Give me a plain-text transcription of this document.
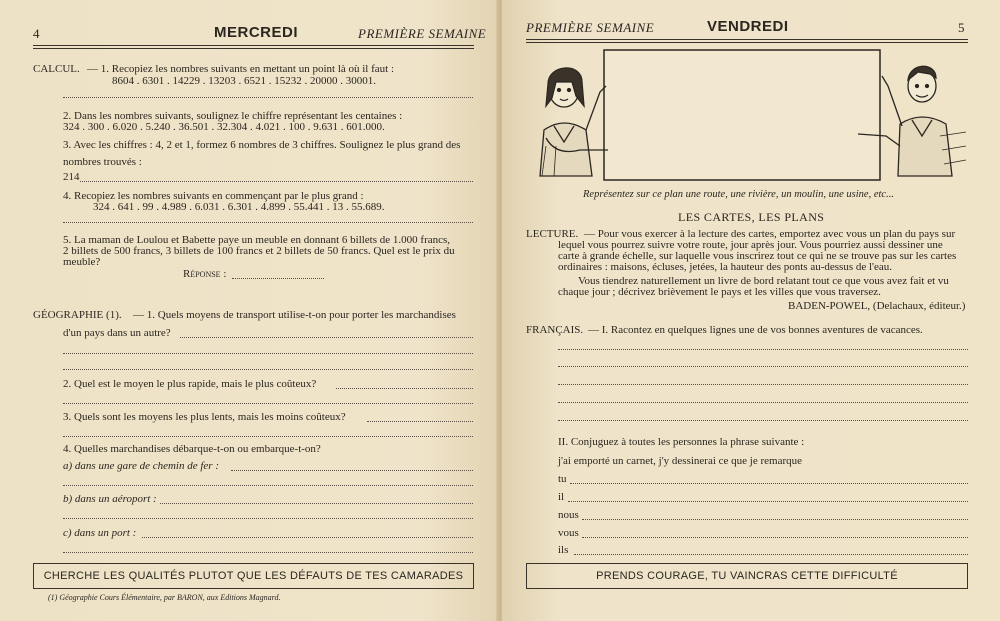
4	MERCREDI	PREMIÈRE SEMAINE
CALCUL. — 1. Recopiez les nombres suivants en mettant un point là où il faut :
8604 . 6301 . 14229 . 13203 . 6521 . 15232 . 20000 . 30001.
2. Dans les nombres suivants, soulignez le chiffre représentant les centaines :
324 . 300 . 6.020 . 5.240 . 36.501 . 32.304 . 4.021 . 100 . 9.631 . 601.000.
3. Avec les chiffres : 4, 2 et 1, formez 6 nombres de 3 chiffres. Soulignez le plus grand des
nombres trouvés :
214
4. Recopiez les nombres suivants en commençant par le plus grand :
324 . 641 . 99 . 4.989 . 6.031 . 6.301 . 4.899 . 55.441 . 13 . 55.689.
5. La maman de Loulou et Babette paye un meuble en donnant 6 billets de 1.000 francs,
2 billets de 500 francs, 3 billets de 100 francs et 2 billets de 50 francs. Quel est le prix du
meuble?
Réponse :
GÉOGRAPHIE (1). — 1. Quels moyens de transport utilise-t-on pour porter les marchandises
d'un pays dans un autre?
2. Quel est le moyen le plus rapide, mais le plus coûteux?
3. Quels sont les moyens les plus lents, mais les moins coûteux?
4. Quelles marchandises débarque-t-on ou embarque-t-on?
a) dans une gare de chemin de fer :
b) dans un aéroport :
c) dans un port :
CHERCHE LES QUALITÉS PLUTOT QUE LES DÉFAUTS DE TES CAMARADES
(1) Géographie Cours Élémentaire, par BARON, aux Editions Magnard.
PREMIÈRE SEMAINE	VENDREDI	5
Représentez sur ce plan une route, une rivière, un moulin, une usine, etc...
LES CARTES, LES PLANS
LECTURE. — Pour vous exercer à la lecture des cartes, emportez avec vous un plan du pays sur
lequel vous pourrez suivre votre route, jour après jour. Vous pourriez aussi dessiner une
carte à grande échelle, sur laquelle vous inscrirez tout ce qui ne se trouve pas sur les cartes
ordinaires : maisons, écluses, jetées, la hauteur des ponts au-dessus de l'eau.
Vous tiendrez naturellement un livre de bord relatant tout ce que vous avez fait et vu
chaque jour ; décrivez brièvement le pays et les villes que vous traversez.
BADEN-POWEL, (Delachaux, éditeur.)
FRANÇAIS. — I. Racontez en quelques lignes une de vos bonnes aventures de vacances.
II. Conjuguez à toutes les personnes la phrase suivante :
j'ai emporté un carnet, j'y dessinerai ce que je remarque
tu
il
nous
vous
ils
PRENDS COURAGE, TU VAINCRAS CETTE DIFFICULTÉ
